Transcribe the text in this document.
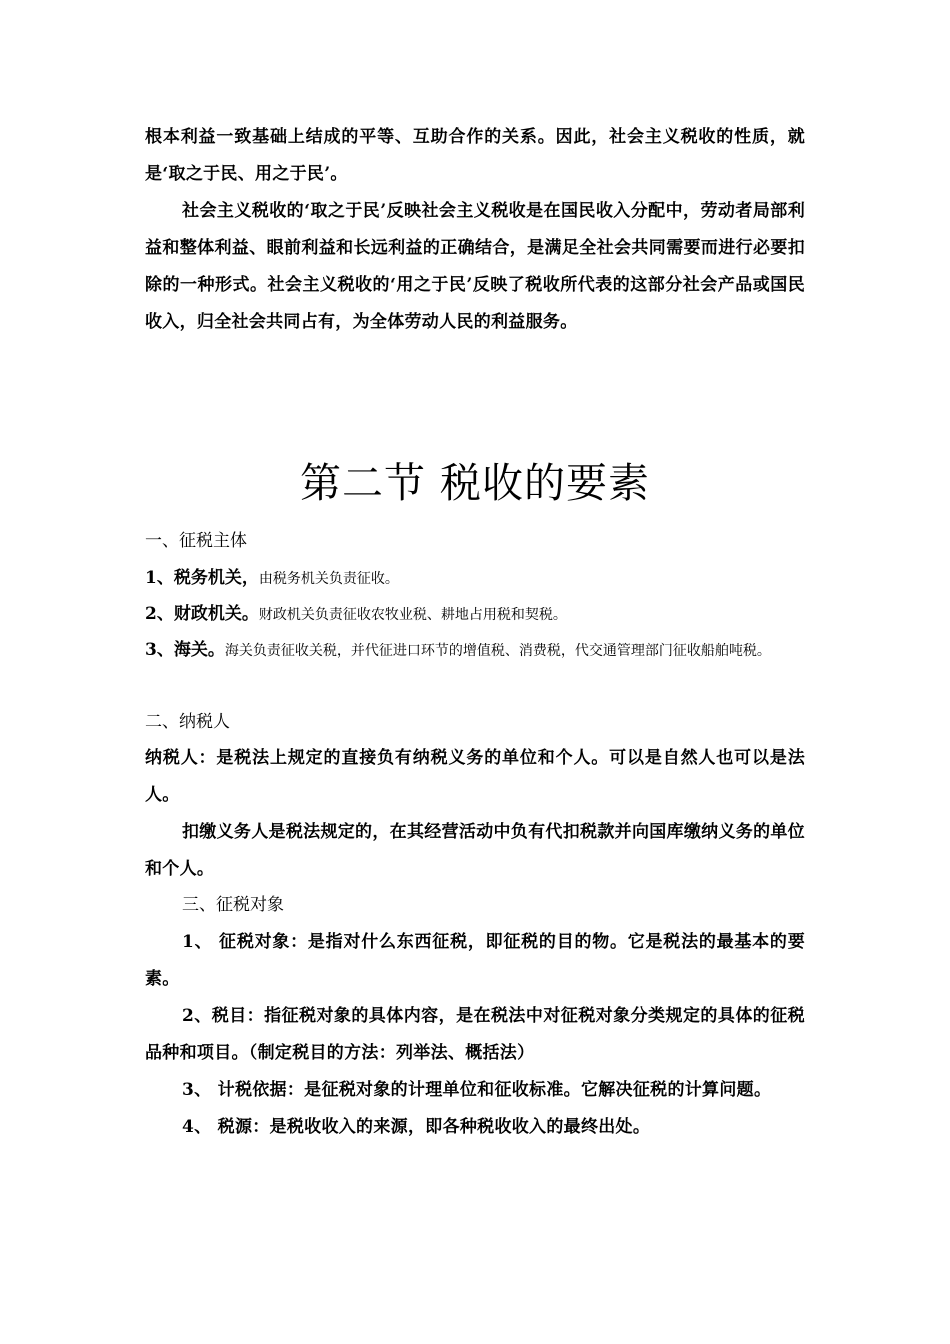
根本利益一致基础上结成的平等、互助合作的关系。因此，社会主义税收的性质，就是‘取之于民、用之于民’。

社会主义税收的‘取之于民’反映社会主义税收是在国民收入分配中，劳动者局部利益和整体利益、眼前利益和长远利益的正确结合，是满足全社会共同需要而进行必要扣除的一种形式。社会主义税收的‘用之于民’反映了税收所代表的这部分社会产品或国民收入，归全社会共同占有，为全体劳动人民的利益服务。

第二节 税收的要素
一、征税主体
1、税务机关，由税务机关负责征收。
2、财政机关。财政机关负责征收农牧业税、耕地占用税和契税。
3、海关。海关负责征收关税，并代征进口环节的增值税、消费税，代交通管理部门征收船舶吨税。
二、纳税人

纳税人：是税法上规定的直接负有纳税义务的单位和个人。可以是自然人也可以是法人。

扣缴义务人是税法规定的，在其经营活动中负有代扣税款并向国库缴纳义务的单位和个人。

三、征税对象

1、 征税对象：是指对什么东西征税，即征税的目的物。它是税法的最基本的要素。

2、税目：指征税对象的具体内容，是在税法中对征税对象分类规定的具体的征税品种和项目。（制定税目的方法：列举法、概括法）

3、 计税依据：是征税对象的计理单位和征收标准。它解决征税的计算问题。

4、 税源：是税收收入的来源，即各种税收收入的最终出处。
